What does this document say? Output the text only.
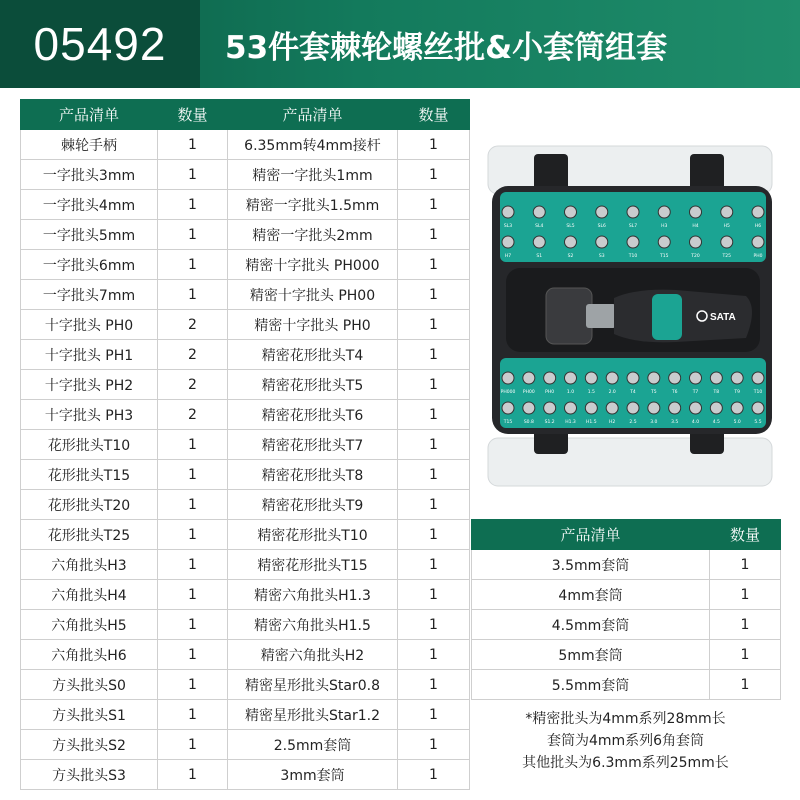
05492 53件套棘轮螺丝批&小套筒组套
产品清单	数量	产品清单	数量
棘轮手柄	1	6.35mm转4mm接杆	1
一字批头3mm	1	精密一字批头1mm	1
一字批头4mm	1	精密一字批头1.5mm	1
一字批头5mm	1	精密一字批头2mm	1
一字批头6mm	1	精密十字批头 PH000	1
一字批头7mm	1	精密十字批头 PH00	1
十字批头 PH0	2	精密十字批头 PH0	1
十字批头 PH1	2	精密花形批头T4	1
十字批头 PH2	2	精密花形批头T5	1
十字批头 PH3	2	精密花形批头T6	1
花形批头T10	1	精密花形批头T7	1
花形批头T15	1	精密花形批头T8	1
花形批头T20	1	精密花形批头T9	1
花形批头T25	1	精密花形批头T10	1
六角批头H3	1	精密花形批头T15	1
六角批头H4	1	精密六角批头H1.3	1
六角批头H5	1	精密六角批头H1.5	1
六角批头H6	1	精密六角批头H2	1
方头批头S0	1	精密星形批头Star0.8	1
方头批头S1	1	精密星形批头Star1.2	1
方头批头S2	1	2.5mm套筒	1
方头批头S3	1	3mm套筒	1
SL3	SL4	SL5	SL6	SL7	H3	H4	H5	H6
H7	S1	S2	S3	T10	T15	T20	T25	PH0
PH000 PH00 PH0	1.0	1.5	2.0	T4	T5	T6	T7	T8	T9	T10
T15	S0.8 S1.2 H1.3 H1.5	H2	2.5	3.0	3.5	4.0	4.5	5.0	5.5
SATA
产品清单	数量
3.5mm套筒	1
4mm套筒	1
4.5mm套筒	1
5mm套筒	1
5.5mm套筒	1
*精密批头为4mm系列28mm长
套筒为4mm系列6角套筒
其他批头为6.3mm系列25mm长
